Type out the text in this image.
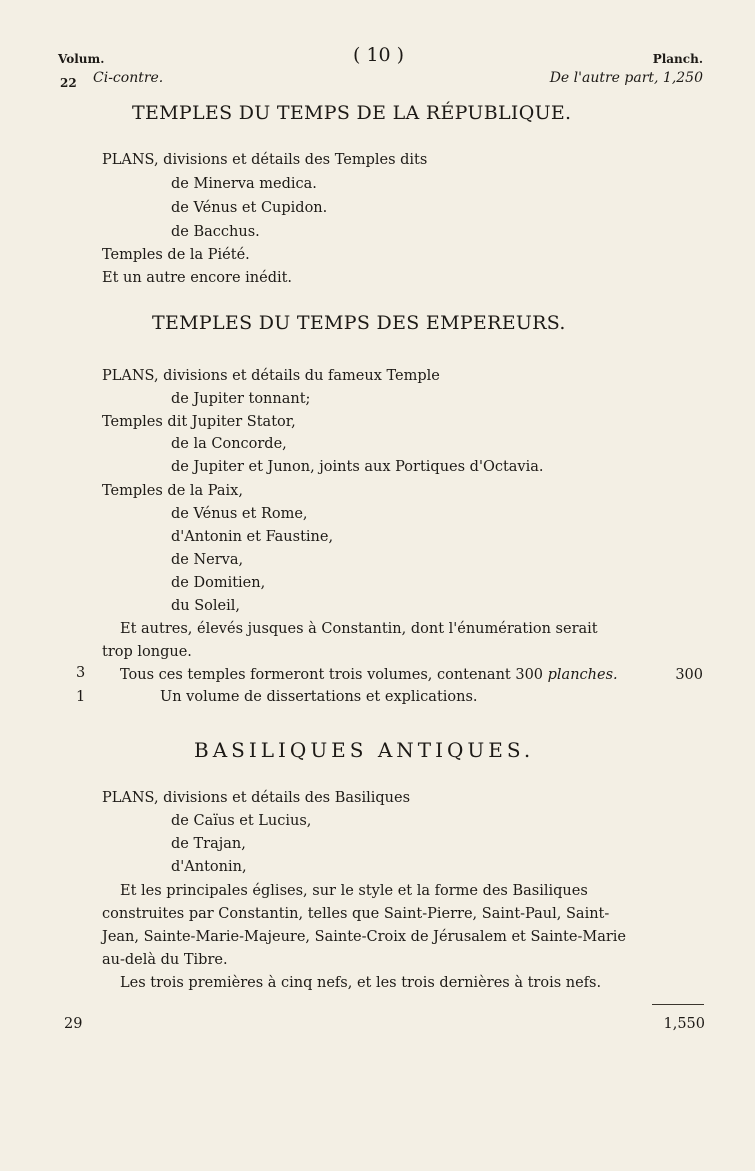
Volum.
22 Ci-contre.
( 10 )	Planch.
De l'autre part, 1,250
TEMPLES DU TEMPS DE LA RÉPUBLIQUE.
PLANS, divisions et détails des Temples dits
de Minerva medica.
de Vénus et Cupidon.
de Bacchus.
Temples de la Piété.
Et un autre encore inédit.
TEMPLES DU TEMPS DES EMPEREURS.
PLANS, divisions et détails du fameux Temple
de Jupiter tonnant;
Temples dit Jupiter Stator,
de la Concorde,
de Jupiter et Junon, joints aux Portiques d'Octavia.
Temples de la Paix,
de Vénus et Rome,
d'Antonin et Faustine,
de Nerva,
de Domitien,
du Soleil,
Et autres, élevés jusques à Constantin, dont l'énumération serait
trop longue.
3 Tous ces temples formeront trois volumes, contenant 300 planches.	300
1	Un volume de dissertations et explications.
BASILIQUES ANTIQUES.
PLANS, divisions et détails des Basiliques
de Caïus et Lucius,
de Trajan,
d'Antonin,
Et les principales églises, sur le style et la forme des Basiliques
construites par Constantin, telles que Saint-Pierre, Saint-Paul, Saint-
Jean, Sainte-Marie-Majeure, Sainte-Croix de Jérusalem et Sainte-Marie
au-delà du Tibre.
Les trois premières à cinq nefs, et les trois dernières à trois nefs.
29	1,550
